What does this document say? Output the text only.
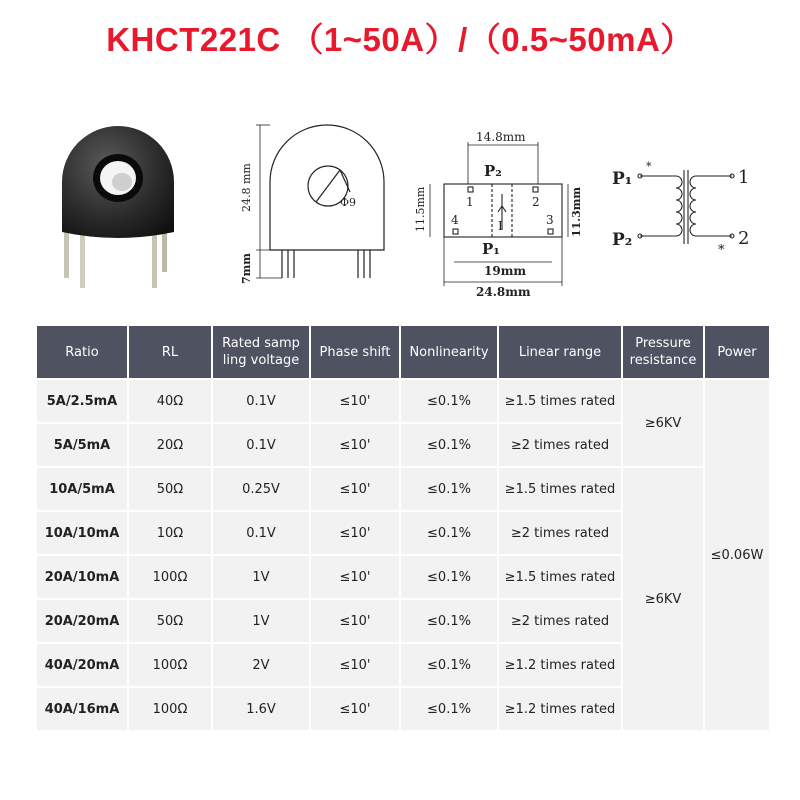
KHCT221C （1~50A）/（0.5~50mA）
24.8 mm
7mm
Φ9
14.8mm
11.5mm	11.3mm
19mm
24.8mm
P₂
P₁
1	2
3
4	I
P₁
P₂
1
2
*
*
Ratio	RL	Rated samp ling voltage	Phase shift	Nonlinearity	Linear range	Pressure resistance	Power
5A/2.5mA	40Ω	0.1V	≤10'	≤0.1%	≥1.5 times rated	≥6KV	≤0.06W
5A/5mA	20Ω	0.1V	≤10'	≤0.1%	≥2 times rated		
10A/5mA	50Ω	0.25V	≤10'	≤0.1%	≥1.5 times rated	≥6KV	
10A/10mA	10Ω	0.1V	≤10'	≤0.1%	≥2 times rated		
20A/10mA	100Ω	1V	≤10'	≤0.1%	≥1.5 times rated		
20A/20mA	50Ω	1V	≤10'	≤0.1%	≥2 times rated		
40A/20mA	100Ω	2V	≤10'	≤0.1%	≥1.2 times rated		
40A/16mA	100Ω	1.6V	≤10'	≤0.1%	≥1.2 times rated		
